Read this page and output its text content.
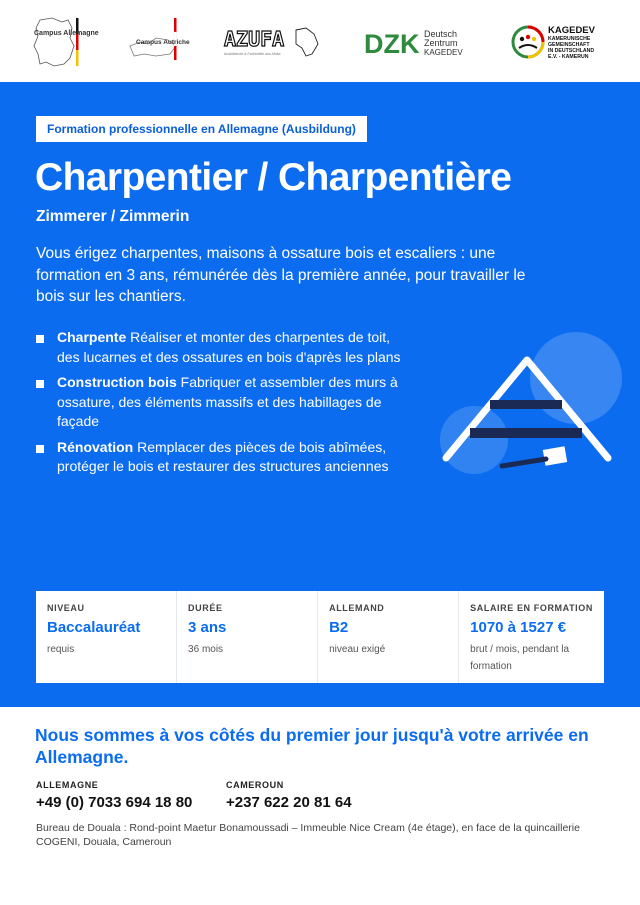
Campus Allemagne
Campus Autriche AZUFA
Ausbildende & Fachkräfte aus Afrika	DZK Deutsch
Zentrum
KAGEDEV
KAGEDEV
KAMERUNISCHE
GEMEINSCHAFT
IN DEUTSCHLAND
E.V. - KAMERUN
Formation professionnelle en Allemagne (Ausbildung)
Charpentier / Charpentière
Zimmerer / Zimmerin
Vous érigez charpentes, maisons à ossature bois et escaliers : une formation en 3 ans, rémunérée dès la première année, pour travailler le bois sur les chantiers.
Charpente Réaliser et monter des charpentes de toit, des lucarnes et des ossatures en bois d'après les plans
Construction bois Fabriquer et assembler des murs à ossature, des éléments massifs et des habillages de façade
Rénovation Remplacer des pièces de bois abîmées, protéger le bois et restaurer des structures anciennes
NIVEAU
Baccalauréat
requis
DURÉE
3 ans
36 mois
ALLEMAND
B2
niveau exigé
SALAIRE EN FORMATION
1070 à 1527 €
brut / mois, pendant la formation
Nous sommes à vos côtés du premier jour jusqu'à votre arrivée en Allemagne.
ALLEMAGNE
+49 (0) 7033 694 18 80
CAMEROUN
+237 622 20 81 64
Bureau de Douala : Rond-point Maetur Bonamoussadi – Immeuble Nice Cream (4e étage), en face de la quincaillerie COGENI, Douala, Cameroun
